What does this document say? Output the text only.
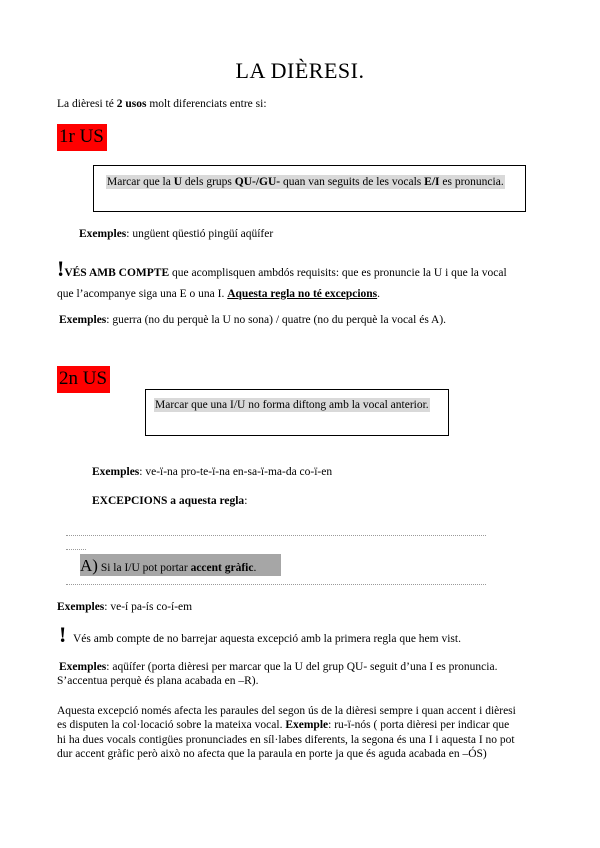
LA DIÈRESI.
La dièresi té 2 usos molt diferenciats entre si:
1r US
Marcar que la U dels grups QU-/GU- quan van seguits de les vocals E/I es pronuncia.
Exemples: ungüent qüestió pingüí aqüífer
!VÉS AMB COMPTE que acomplisquen ambdós requisits: que es pronuncie la U i que la vocal
que l’acompanye siga una E o una I. Aquesta regla no té excepcions.
Exemples: guerra (no du perquè la U no sona) / quatre (no du perquè la vocal és A).
2n US
Marcar que una I/U no forma diftong amb la vocal anterior.
Exemples: ve-ï-na pro-te-ï-na en-sa-ï-ma-da co-ï-en
EXCEPCIONS a aquesta regla:
A) Si la I/U pot portar accent gràfic.
Exemples: ve-í pa-ís co-í-em
! Vés amb compte de no barrejar aquesta excepció amb la primera regla que hem vist.
Exemples: aqüífer (porta dièresi per marcar que la U del grup QU- seguit d’una I es pronuncia.
S’accentua perquè és plana acabada en –R).
Aquesta excepció només afecta les paraules del segon ús de la dièresi sempre i quan accent i dièresi
es disputen la col·locació sobre la mateixa vocal. Exemple: ru-ï-nós ( porta dièresi per indicar que
hi ha dues vocals contigües pronunciades en síl·labes diferents, la segona és una I i aquesta I no pot
dur accent gràfic però això no afecta que la paraula en porte ja que és aguda acabada en –ÓS)
